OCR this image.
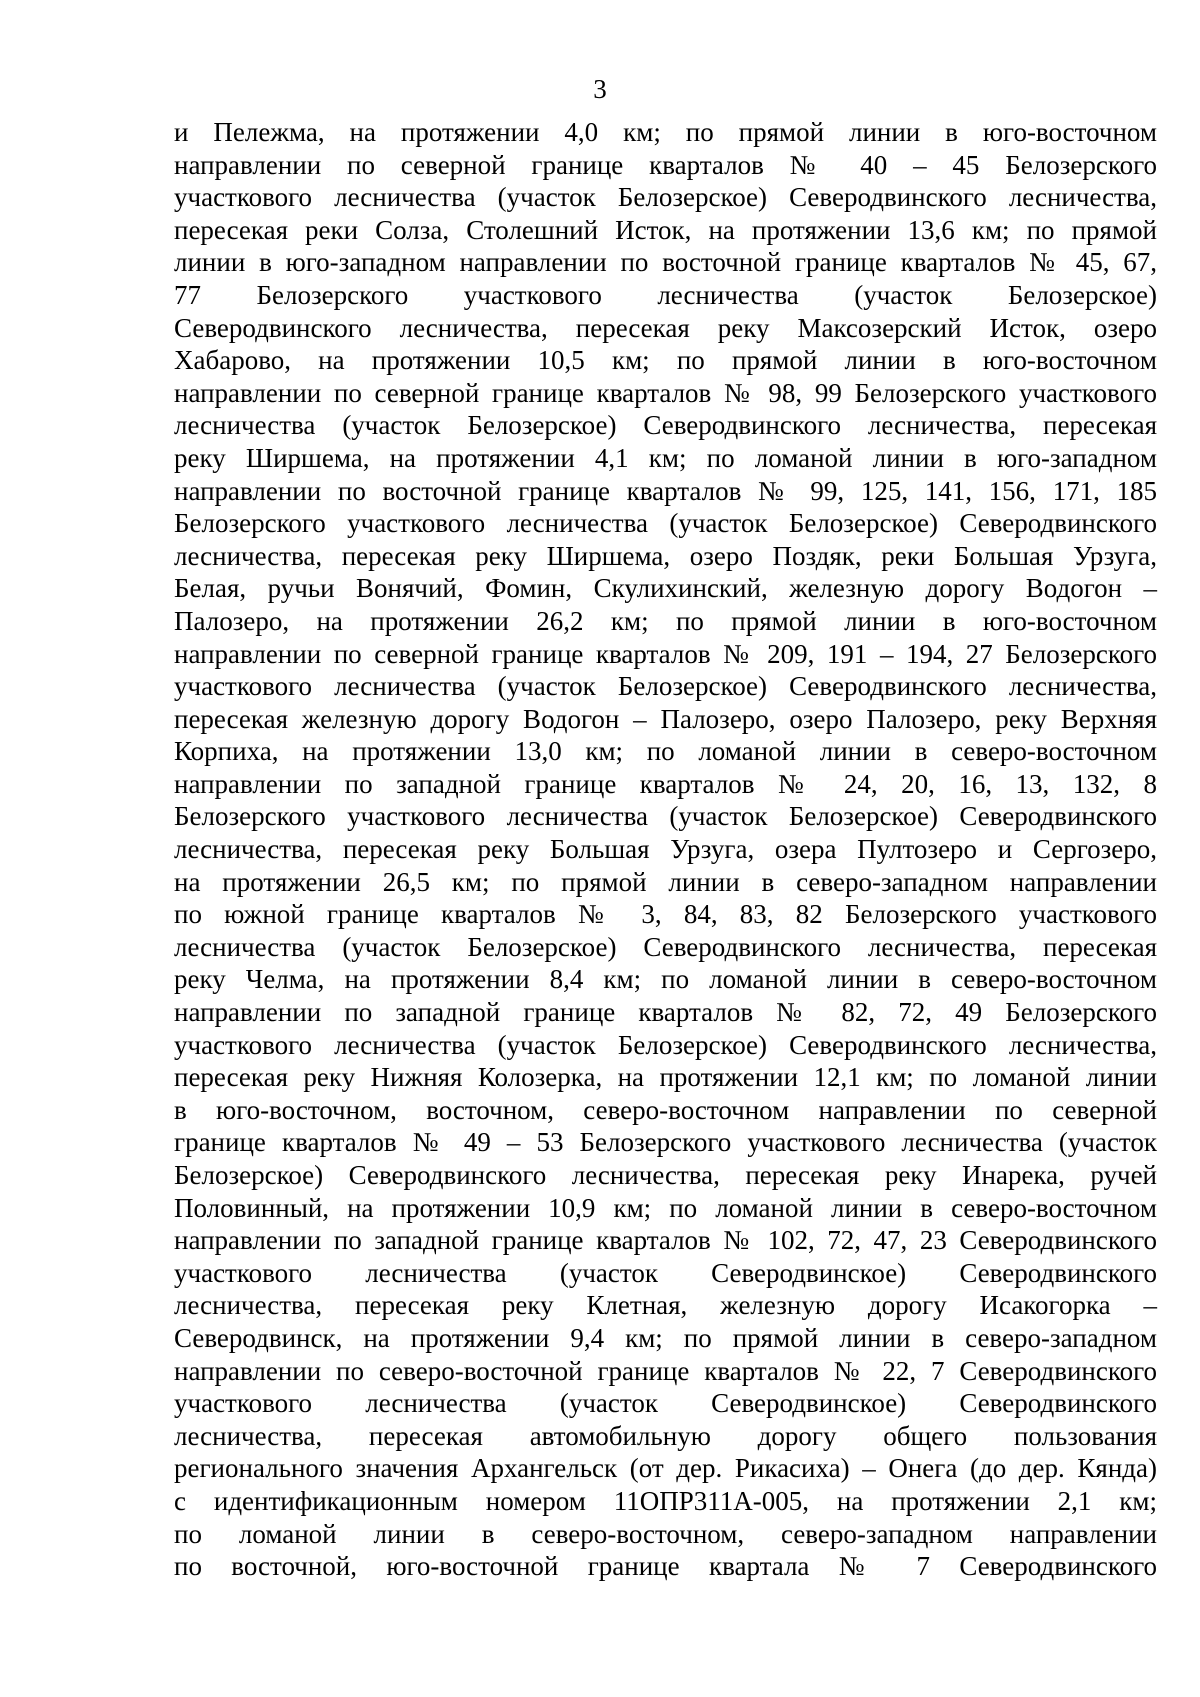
3
и Пележма, на протяжении 4,0 км; по прямой линии в юго-восточном
направлении по северной границе кварталов № 40 – 45 Белозерского
участкового лесничества (участок Белозерское) Северодвинского лесничества,
пересекая реки Солза, Столешний Исток, на протяжении 13,6 км; по прямой
линии в юго-западном направлении по восточной границе кварталов № 45, 67,
77 Белозерского участкового лесничества (участок Белозерское)
Северодвинского лесничества, пересекая реку Максозерский Исток, озеро
Хабарово, на протяжении 10,5 км; по прямой линии в юго-восточном
направлении по северной границе кварталов № 98, 99 Белозерского участкового
лесничества (участок Белозерское) Северодвинского лесничества, пересекая
реку Ширшема, на протяжении 4,1 км; по ломаной линии в юго-западном
направлении по восточной границе кварталов № 99, 125, 141, 156, 171, 185
Белозерского участкового лесничества (участок Белозерское) Северодвинского
лесничества, пересекая реку Ширшема, озеро Поздяк, реки Большая Урзуга,
Белая, ручьи Вонячий, Фомин, Скулихинский, железную дорогу Водогон –
Палозеро, на протяжении 26,2 км; по прямой линии в юго-восточном
направлении по северной границе кварталов № 209, 191 – 194, 27 Белозерского
участкового лесничества (участок Белозерское) Северодвинского лесничества,
пересекая железную дорогу Водогон – Палозеро, озеро Палозеро, реку Верхняя
Корпиха, на протяжении 13,0 км; по ломаной линии в северо-восточном
направлении по западной границе кварталов № 24, 20, 16, 13, 132, 8
Белозерского участкового лесничества (участок Белозерское) Северодвинского
лесничества, пересекая реку Большая Урзуга, озера Пултозеро и Сергозеро,
на протяжении 26,5 км; по прямой линии в северо-западном направлении
по южной границе кварталов № 3, 84, 83, 82 Белозерского участкового
лесничества (участок Белозерское) Северодвинского лесничества, пересекая
реку Челма, на протяжении 8,4 км; по ломаной линии в северо-восточном
направлении по западной границе кварталов № 82, 72, 49 Белозерского
участкового лесничества (участок Белозерское) Северодвинского лесничества,
пересекая реку Нижняя Колозерка, на протяжении 12,1 км; по ломаной линии
в юго-восточном, восточном, северо-восточном направлении по северной
границе кварталов № 49 – 53 Белозерского участкового лесничества (участок
Белозерское) Северодвинского лесничества, пересекая реку Инарека, ручей
Половинный, на протяжении 10,9 км; по ломаной линии в северо-восточном
направлении по западной границе кварталов № 102, 72, 47, 23 Северодвинского
участкового лесничества (участок Северодвинское) Северодвинского
лесничества, пересекая реку Клетная, железную дорогу Исакогорка –
Северодвинск, на протяжении 9,4 км; по прямой линии в северо-западном
направлении по северо-восточной границе кварталов № 22, 7 Северодвинского
участкового лесничества (участок Северодвинское) Северодвинского
лесничества, пересекая автомобильную дорогу общего пользования
регионального значения Архангельск (от дер. Рикасиха) – Онега (до дер. Кянда)
с идентификационным номером 11ОПР311А-005, на протяжении 2,1 км;
по ломаной линии в северо-восточном, северо-западном направлении
по восточной, юго-восточной границе квартала № 7 Северодвинского
